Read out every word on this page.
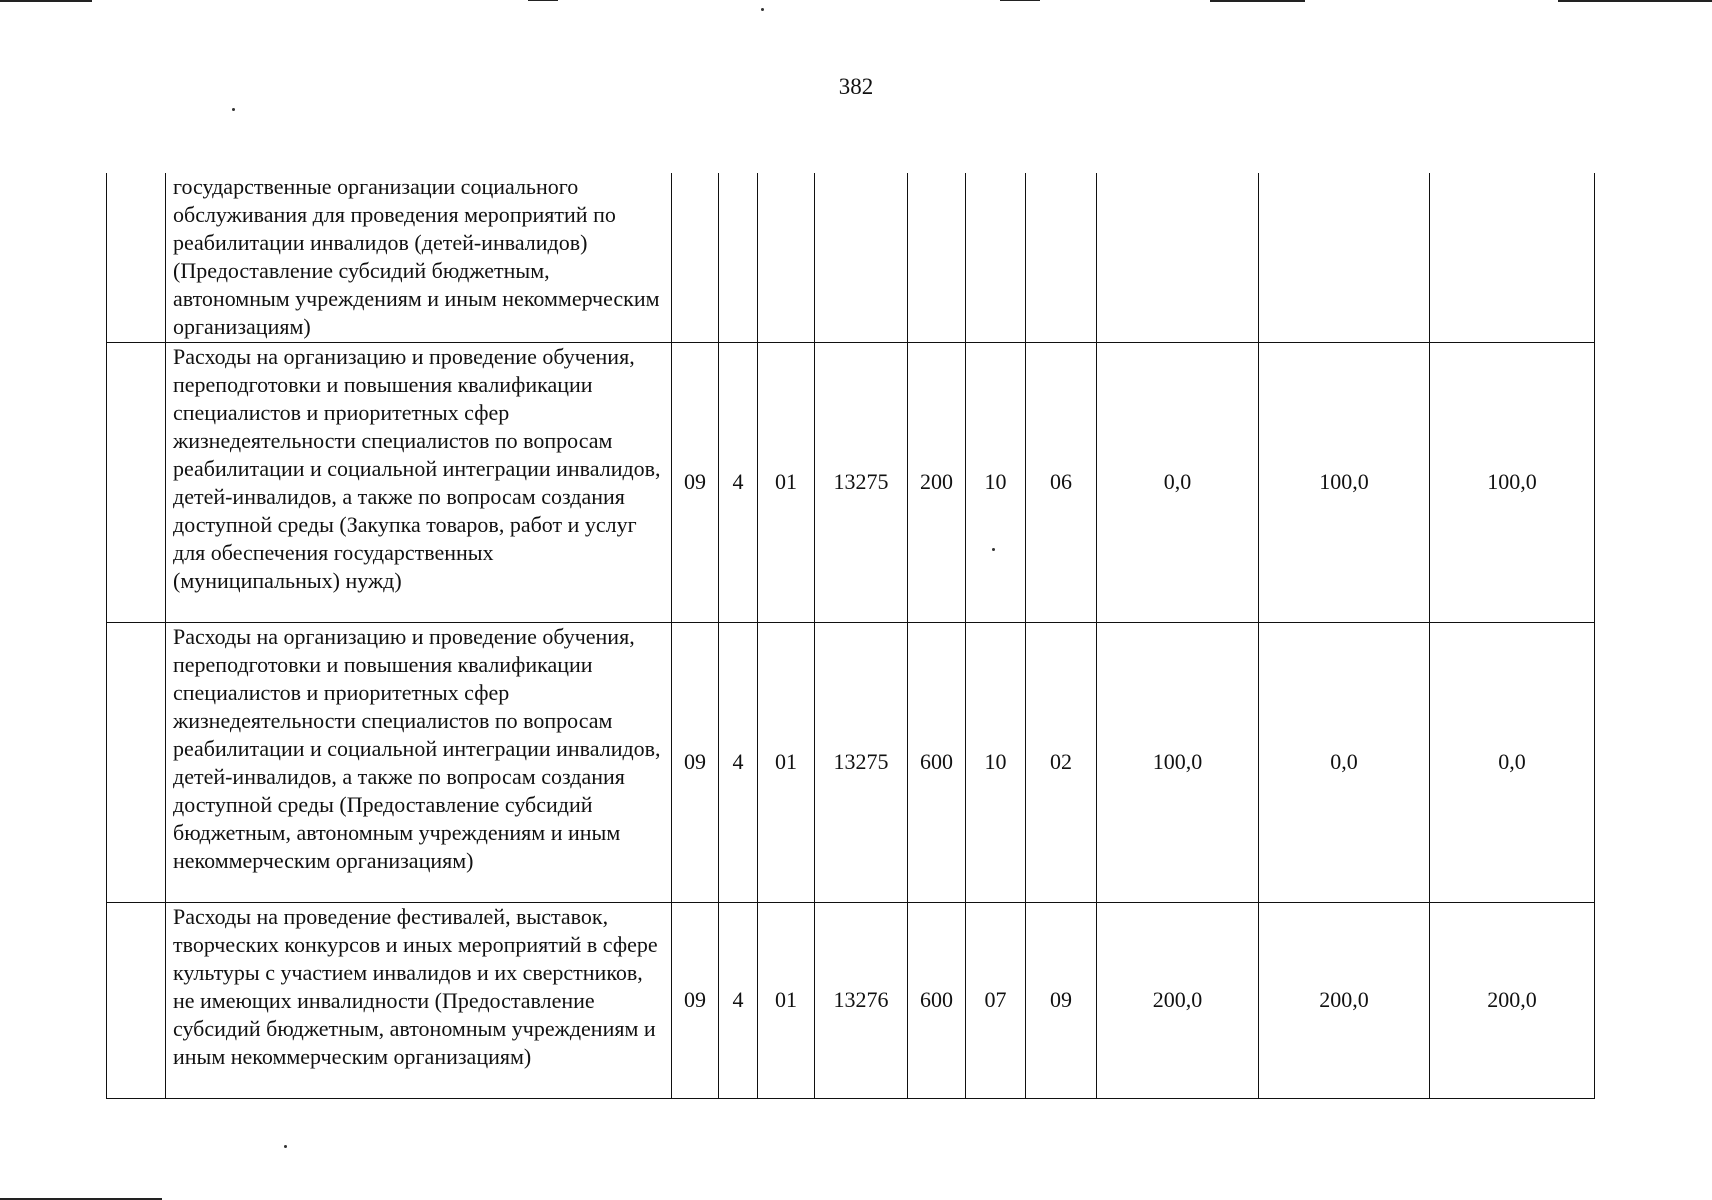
382
	государственные организации социального обслуживания для проведения мероприятий по реабилитации инвалидов (детей-инвалидов) (Предоставление субсидий бюджетным, автономным учреждениям и иным некоммерческим организациям)										
	Расходы на организацию и проведение обучения, переподготовки и повышения квалификации специалистов и приоритетных сфер жизнедеятельности специалистов по вопросам реабилитации и социальной интеграции инвалидов, детей-инвалидов, а также по вопросам создания доступной среды (Закупка товаров, работ и услуг для обеспечения государственных (муниципальных) нужд)	09	4	01	13275	200	10	06	0,0	100,0	100,0
	Расходы на организацию и проведение обучения, переподготовки и повышения квалификации специалистов и приоритетных сфер жизнедеятельности специалистов по вопросам реабилитации и социальной интеграции инвалидов, детей-инвалидов, а также по вопросам создания доступной среды (Предоставление субсидий бюджетным, автономным учреждениям и иным некоммерческим организациям)	09	4	01	13275	600	10	02	100,0	0,0	0,0
	Расходы на проведение фестивалей, выставок, творческих конкурсов и иных мероприятий в сфере культуры с участием инвалидов и их сверстников, не имеющих инвалидности (Предоставление субсидий бюджетным, автономным учреждениям и иным некоммерческим организациям)	09	4	01	13276	600	07	09	200,0	200,0	200,0
